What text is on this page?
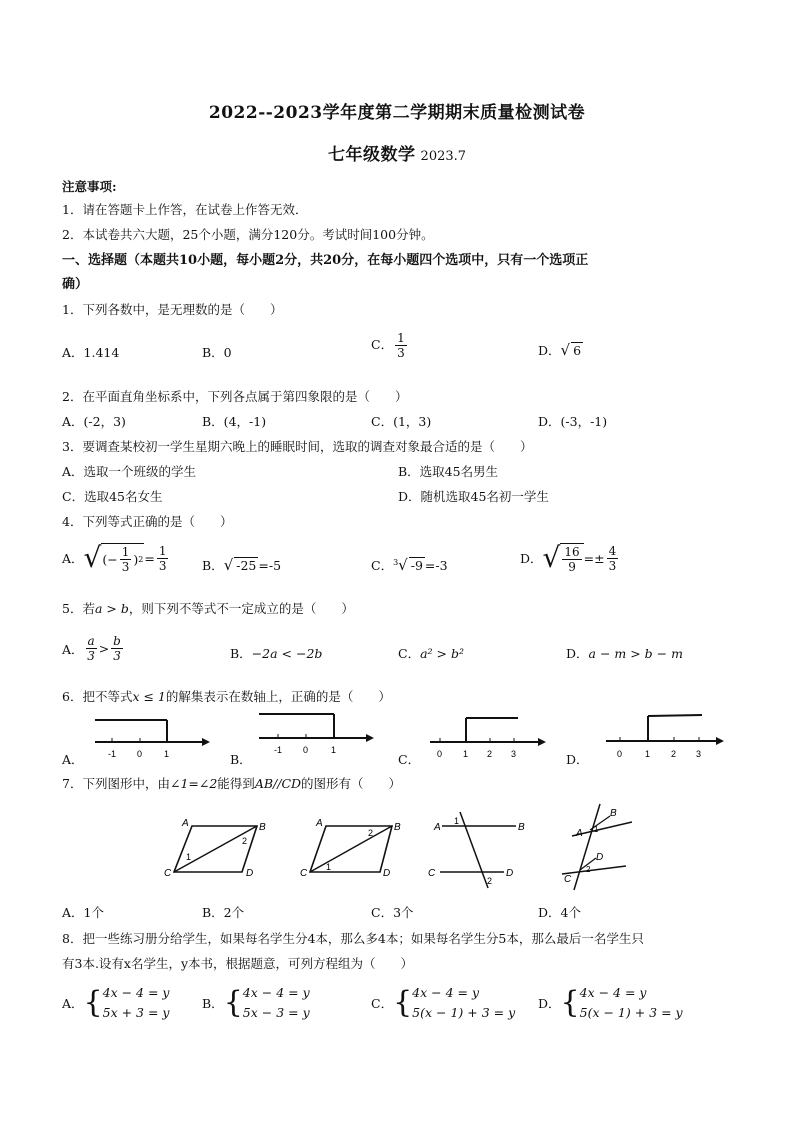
2022--2023学年度第二学期期末质量检测试卷
七年级数学 2023.7
注意事项:
1．请在答题卡上作答，在试卷上作答无效．
2．本试卷共六大题，25个小题，满分120分。考试时间100分钟。
一、选择题（本题共10小题，每小题2分，共20分，在每小题四个选项中，只有一个选项正
确）
1．下列各数中，是无理数的是（　　）
A．1.414	B．0
C． $\frac{1}{3}$	D．√ 6
2．在平面直角坐标系中，下列各点属于第四象限的是（　　）
A．(-2，3)	B．(4，-1)	C．(1，3)	D．(-3，-1)
3．要调查某校初一学生星期六晚上的睡眠时间，选取的调查对象最合适的是（　　）
A．选取一个班级的学生	B．选取45名男生
C．选取45名女生	D．随机选取45名初一学生
4．下列等式正确的是（　　）
A． √ (− $\frac{1}{3}$ ) $2 = \frac{1}{3}$	B．√ -25 =-5	C．$^3$√ -9 =-3	D． √ $\frac{16}{9} =\pm \frac{4}{3}$
5．若a > b，则下列不等式不一定成立的是（　　）
A． $\frac{a}{3} > \frac{b}{3}$	B．−2a < −2b	C．a² > b²	D．a − m > b − m
6．把不等式x ≤ 1的解集表示在数轴上，正确的是（　　）
A．	B．	C．	D．
-1 0 1	-1 0	1	0 1 2 3	0	1 2 3
7．下列图形中，由∠1=∠2能得到AB//CD的图形有（　　）
A	B
C	D
1
2
A	B
C	D
1
2	A	B
C	D
1
2
B
A
D
C
1
2
A．1个	B．2个	C．3个	D．4个
8．把一些练习册分给学生，如果每名学生分4本，那么多4本；如果每名学生分5本，那么最后一名学生只
有3本.设有x名学生，y本书，根据题意，可列方程组为（　　）
A． { 4x − 4 = y
5x + 3 = y
B． { 4x − 4 = y
5x − 3 = y
C． { 4x − 4 = y
5(x − 1) + 3 = y
D． { 4x − 4 = y
5(x − 1) + 3 = y
